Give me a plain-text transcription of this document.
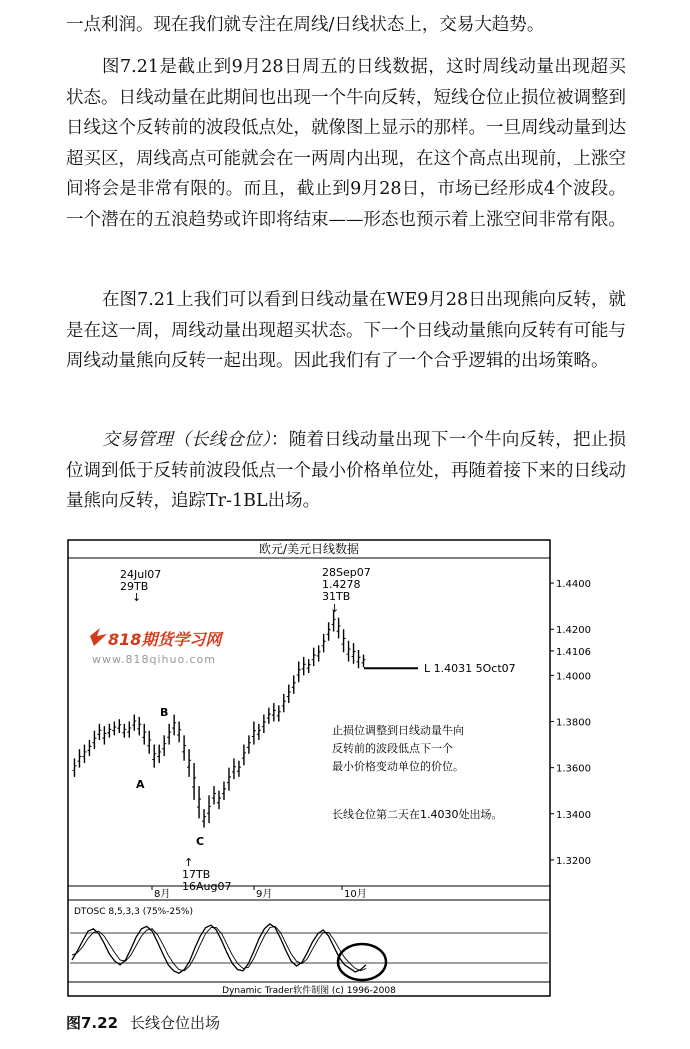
一点利润。现在我们就专注在周线/日线状态上，交易大趋势。

图7.21是截止到9月28日周五的日线数据，这时周线动量出现超买状态。日线动量在此期间也出现一个牛向反转，短线仓位止损位被调整到日线这个反转前的波段低点处，就像图上显示的那样。一旦周线动量到达超买区，周线高点可能就会在一两周内出现，在这个高点出现前，上涨空间将会是非常有限的。而且，截止到9月28日，市场已经形成4个波段。一个潜在的五浪趋势或许即将结束——形态也预示着上涨空间非常有限。

在图7.21上我们可以看到日线动量在WE9月28日出现熊向反转，就是在这一周，周线动量出现超买状态。下一个日线动量熊向反转有可能与周线动量熊向反转一起出现。因此我们有了一个合乎逻辑的出场策略。

交易管理（长线仓位）：随着日线动量出现下一个牛向反转，把止损位调到低于反转前波段低点一个最小价格单位处，再随着接下来的日线动量熊向反转，追踪Tr-1BL出场。

欧元/美元日线数据
1.4400
1.4200
1.4106
1.4000
1.3800
1.3600
1.3400
1.3200
24Jul07
29TB
↓
28Sep07
1.4278
31TB
↓
↑
17TB
16Aug07
B
A
C
L 1.4031 5Oct07
818期货学习网
www.818qihuo.com
止损位调整到日线动量牛向
反转前的波段低点下一个
最小价格变动单位的价位。
长线仓位第二天在1.4030处出场。
8月	9月	10月
DTOSC 8,5,3,3 (75%-25%)
Dynamic Trader软件制图 (c) 1996-2008
图7.22 长线仓位出场
